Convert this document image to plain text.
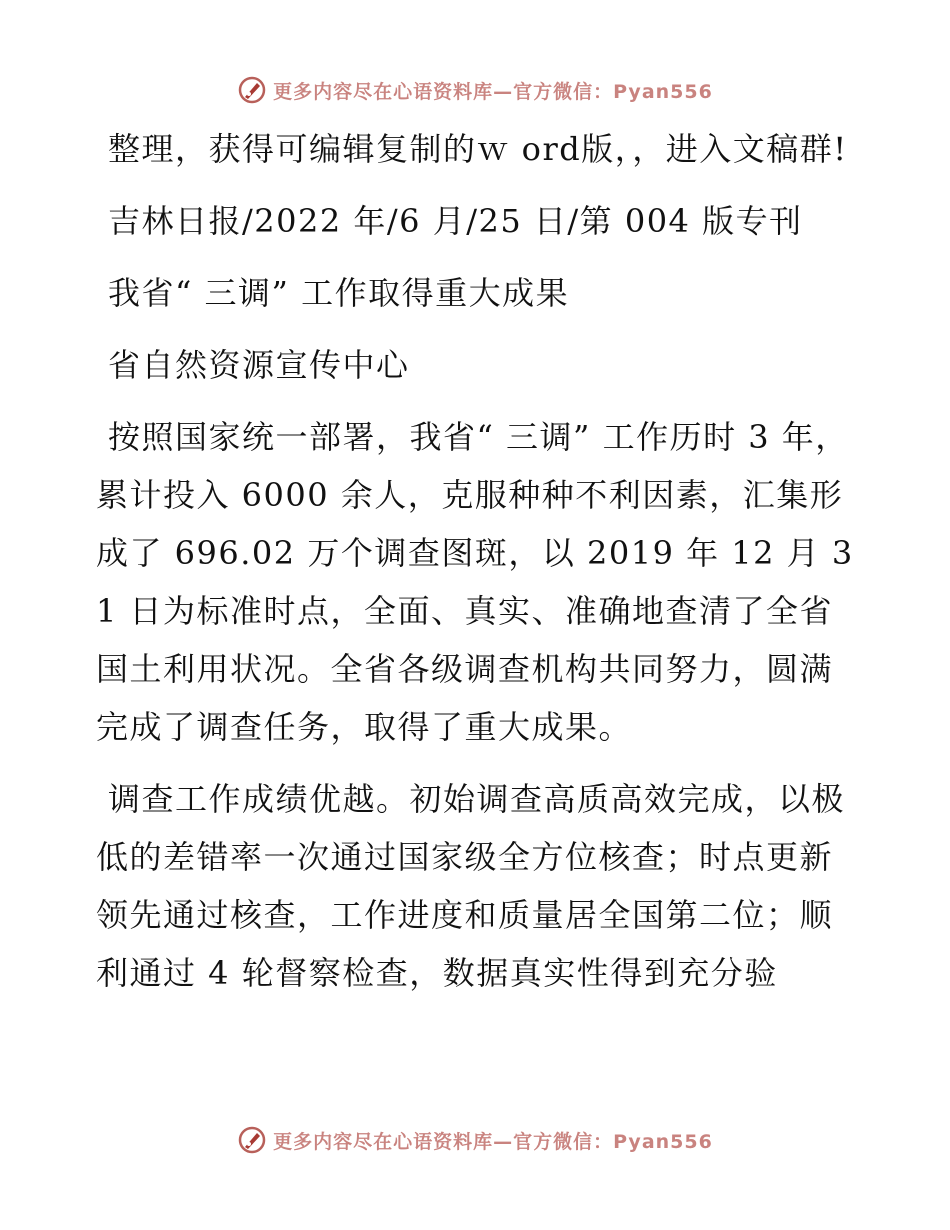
更多内容尽在心语资料库—官方微信：Pyan556

整理，获得可编辑复制的ｗ ord版，，进入文稿群!

吉林日报/2022 年/6 月/25 日/第 004 版专刊

我省“ 三调” 工作取得重大成果

省自然资源宣传中心

按照国家统一部署，我省“ 三调” 工作历时 3 年，累计投入 6000 余人，克服种种不利因素，汇集形成了 696.02 万个调查图斑，以 2019 年 12 月 31 日为标准时点，全面、真实、准确地查清了全省国土利用状况。全省各级调查机构共同努力，圆满完成了调查任务，取得了重大成果。

调查工作成绩优越。初始调查高质高效完成，以极低的差错率一次通过国家级全方位核查；时点更新领先通过核查，工作进度和质量居全国第二位；顺利通过 4 轮督察检查，数据真实性得到充分验

更多内容尽在心语资料库—官方微信：Pyan556
